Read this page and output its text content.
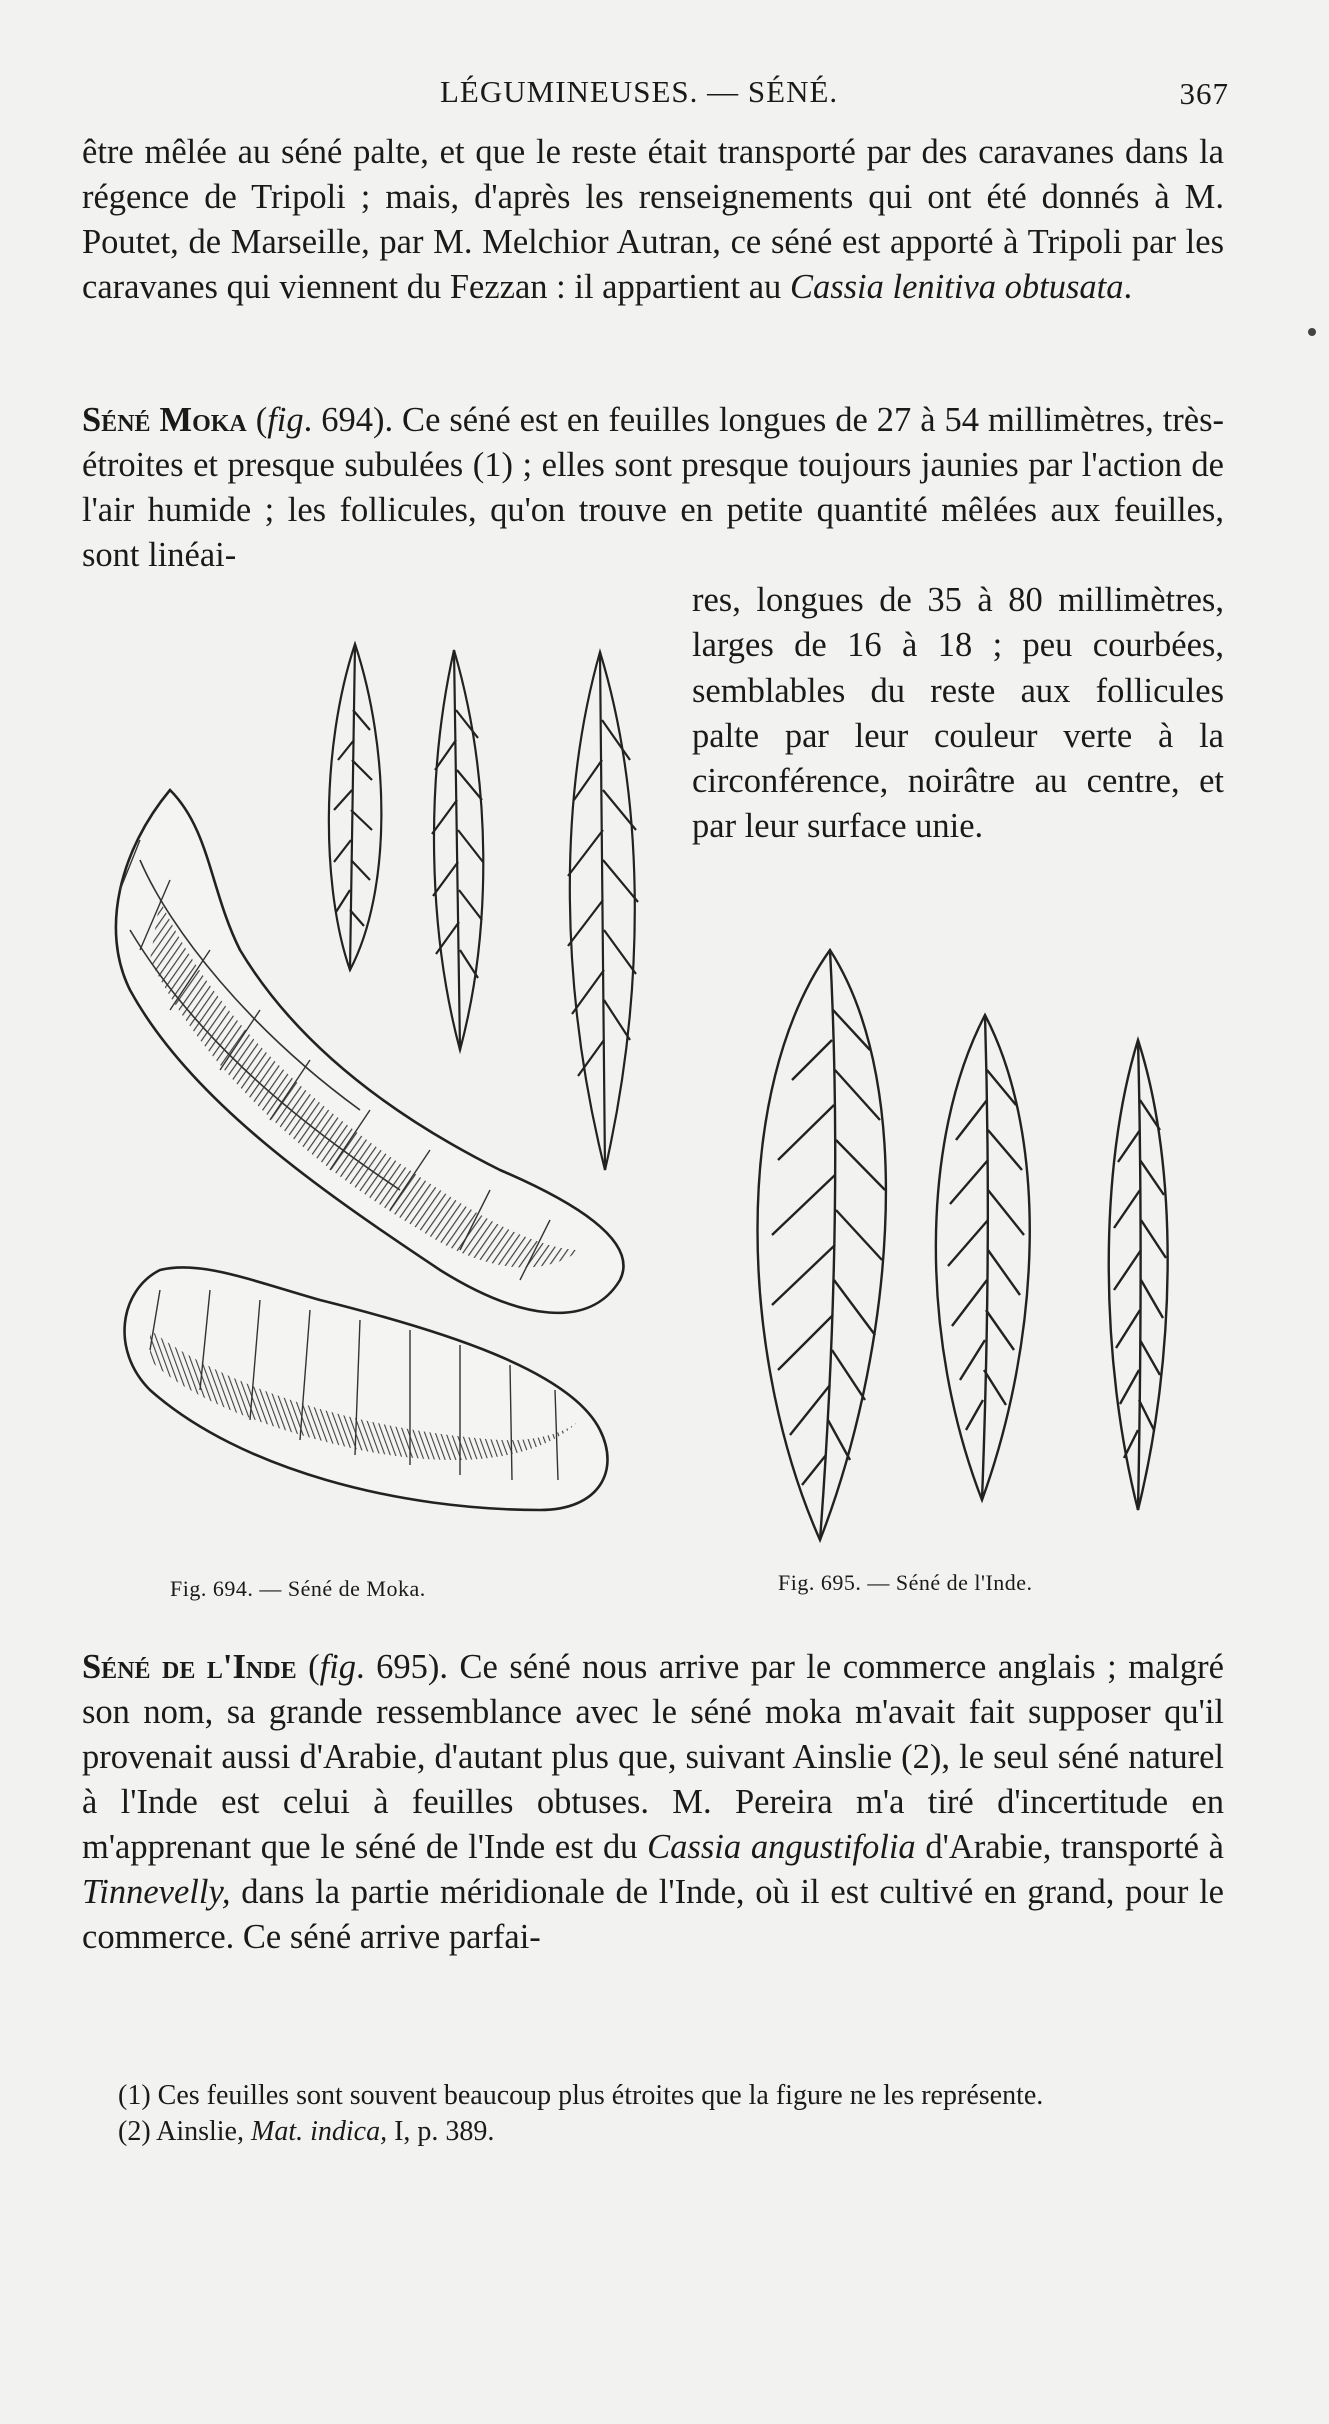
LÉGUMINEUSES. — SÉNÉ.	367
être mêlée au séné palte, et que le reste était transporté par des caravanes dans la régence de Tripoli ; mais, d'après les renseignements qui ont été donnés à M. Poutet, de Marseille, par M. Melchior Autran, ce séné est apporté à Tripoli par les caravanes qui viennent du Fezzan : il appartient au Cassia lenitiva obtusata.
Séné Moka (fig. 694). Ce séné est en feuilles longues de 27 à 54 millimètres, très-étroites et presque subulées (1) ; elles sont presque toujours jaunies par l'action de l'air humide ; les follicules, qu'on trouve en petite quantité mêlées aux feuilles, sont linéai-
res, longues de 35 à 80 millimètres, larges de 16 à 18 ; peu courbées, semblables du reste aux follicules palte par leur couleur verte à la circonférence, noirâtre au centre, et par leur surface unie.
Fig. 694. — Séné de Moka.	Fig. 695. — Séné de l'Inde.
Séné de l'Inde (fig. 695). Ce séné nous arrive par le commerce anglais ; malgré son nom, sa grande ressemblance avec le séné moka m'avait fait supposer qu'il provenait aussi d'Arabie, d'autant plus que, suivant Ainslie (2), le seul séné naturel à l'Inde est celui à feuilles obtuses. M. Pereira m'a tiré d'incertitude en m'apprenant que le séné de l'Inde est du Cassia angustifolia d'Arabie, transporté à Tinnevelly, dans la partie méridionale de l'Inde, où il est cultivé en grand, pour le commerce. Ce séné arrive parfai-
(1) Ces feuilles sont souvent beaucoup plus étroites que la figure ne les représente.
(2) Ainslie, Mat. indica, I, p. 389.
